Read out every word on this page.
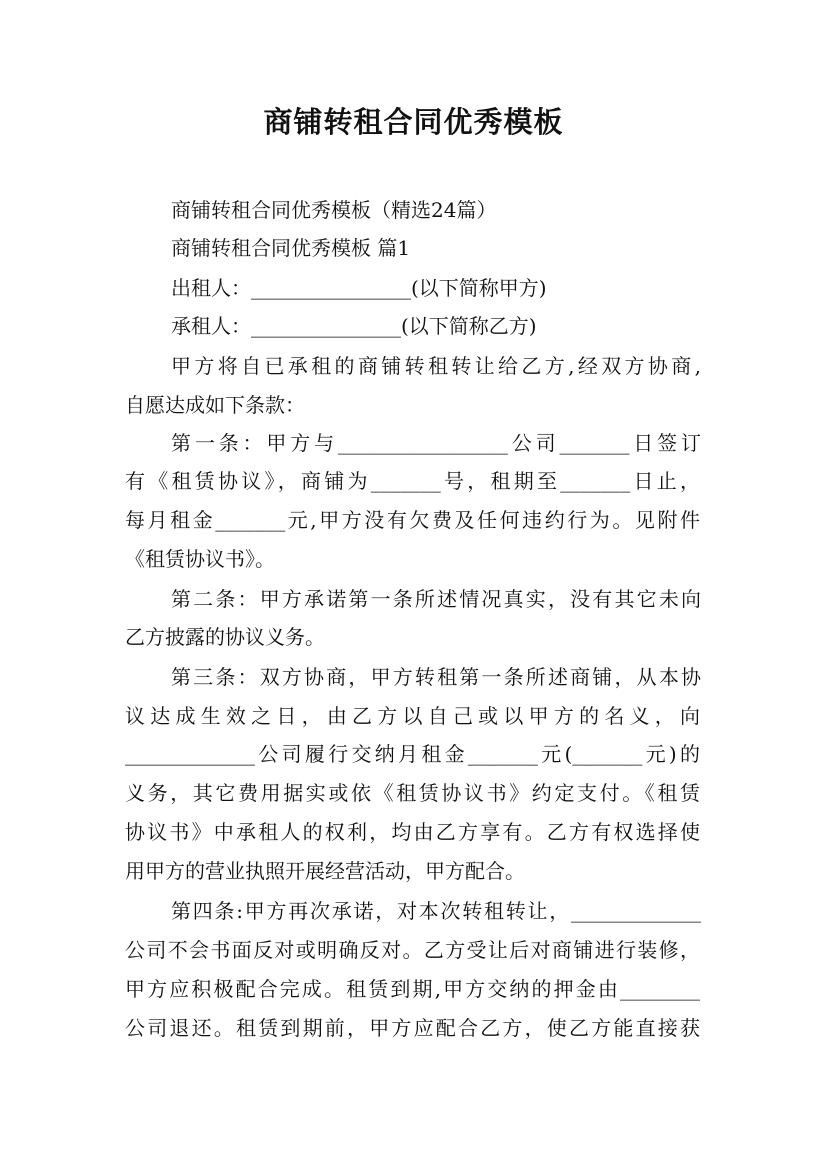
商铺转租合同优秀模板
商铺转租合同优秀模板（精选24篇）
商铺转租合同优秀模板 篇1
出租人：________________(以下简称甲方)
承租人：_______________(以下简称乙方)
甲方将自已承租的商铺转租转让给乙方,经双方协商,
自愿达成如下条款：
第一条：甲方与_________________公司_______日签订
有《租赁协议》，商铺为_______号，租期至_______日止，
每月租金_______元,甲方没有欠费及任何违约行为。见附件
《租赁协议书》。
第二条：甲方承诺第一条所述情况真实，没有其它未向
乙方披露的协议义务。
第三条：双方协商，甲方转租第一条所述商铺，从本协
议达成生效之日，由乙方以自己或以甲方的名义，向
_____________公司履行交纳月租金_______元(_______元)的
义务，其它费用据实或依《租赁协议书》约定支付。《租赁
协议书》中承租人的权利，均由乙方享有。乙方有权选择使
用甲方的营业执照开展经营活动，甲方配合。
第四条:甲方再次承诺，对本次转租转让，_____________
公司不会书面反对或明确反对。乙方受让后对商铺进行装修，
甲方应积极配合完成。租赁到期,甲方交纳的押金由________
公司退还。租赁到期前，甲方应配合乙方，使乙方能直接获
